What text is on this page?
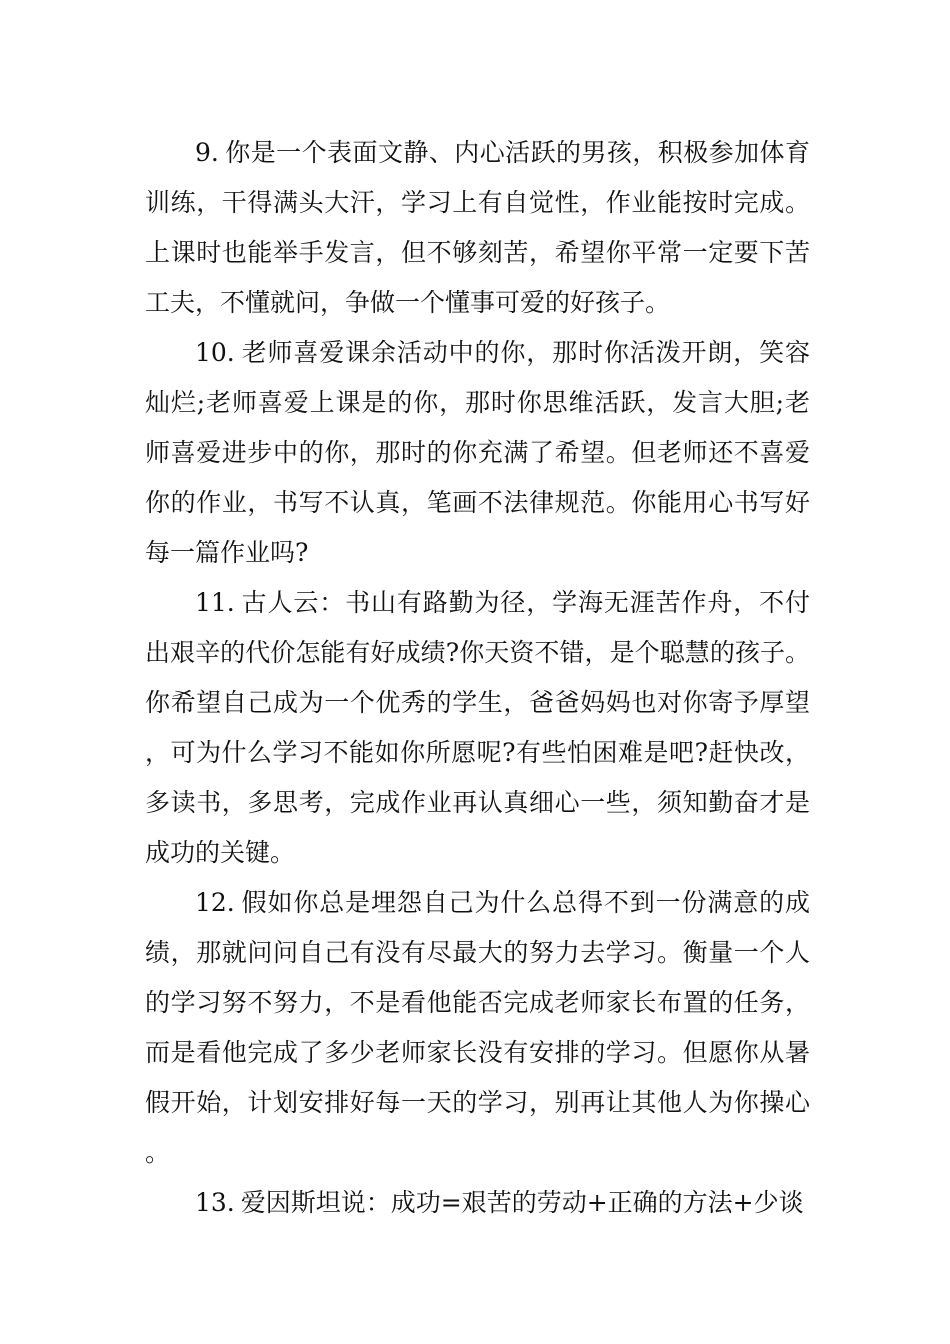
9. 你是一个表面文静、内心活跃的男孩，积极参加体育训练，干得满头大汗，学习上有自觉性，作业能按时完成。上课时也能举手发言，但不够刻苦，希望你平常一定要下苦工夫，不懂就问，争做一个懂事可爱的好孩子。

10. 老师喜爱课余活动中的你，那时你活泼开朗，笑容灿烂;老师喜爱上课是的你，那时你思维活跃，发言大胆;老师喜爱进步中的你，那时的你充满了希望。但老师还不喜爱你的作业，书写不认真，笔画不法律规范。你能用心书写好每一篇作业吗?

11. 古人云：书山有路勤为径，学海无涯苦作舟，不付出艰辛的代价怎能有好成绩?你天资不错，是个聪慧的孩子。你希望自己成为一个优秀的学生，爸爸妈妈也对你寄予厚望，可为什么学习不能如你所愿呢?有些怕困难是吧?赶快改，多读书，多思考，完成作业再认真细心一些，须知勤奋才是成功的关键。

12. 假如你总是埋怨自己为什么总得不到一份满意的成绩，那就问问自己有没有尽最大的努力去学习。衡量一个人的学习努不努力，不是看他能否完成老师家长布置的任务，而是看他完成了多少老师家长没有安排的学习。但愿你从暑假开始，计划安排好每一天的学习，别再让其他人为你操心。

13. 爱因斯坦说：成功=艰苦的劳动+正确的方法+少谈
